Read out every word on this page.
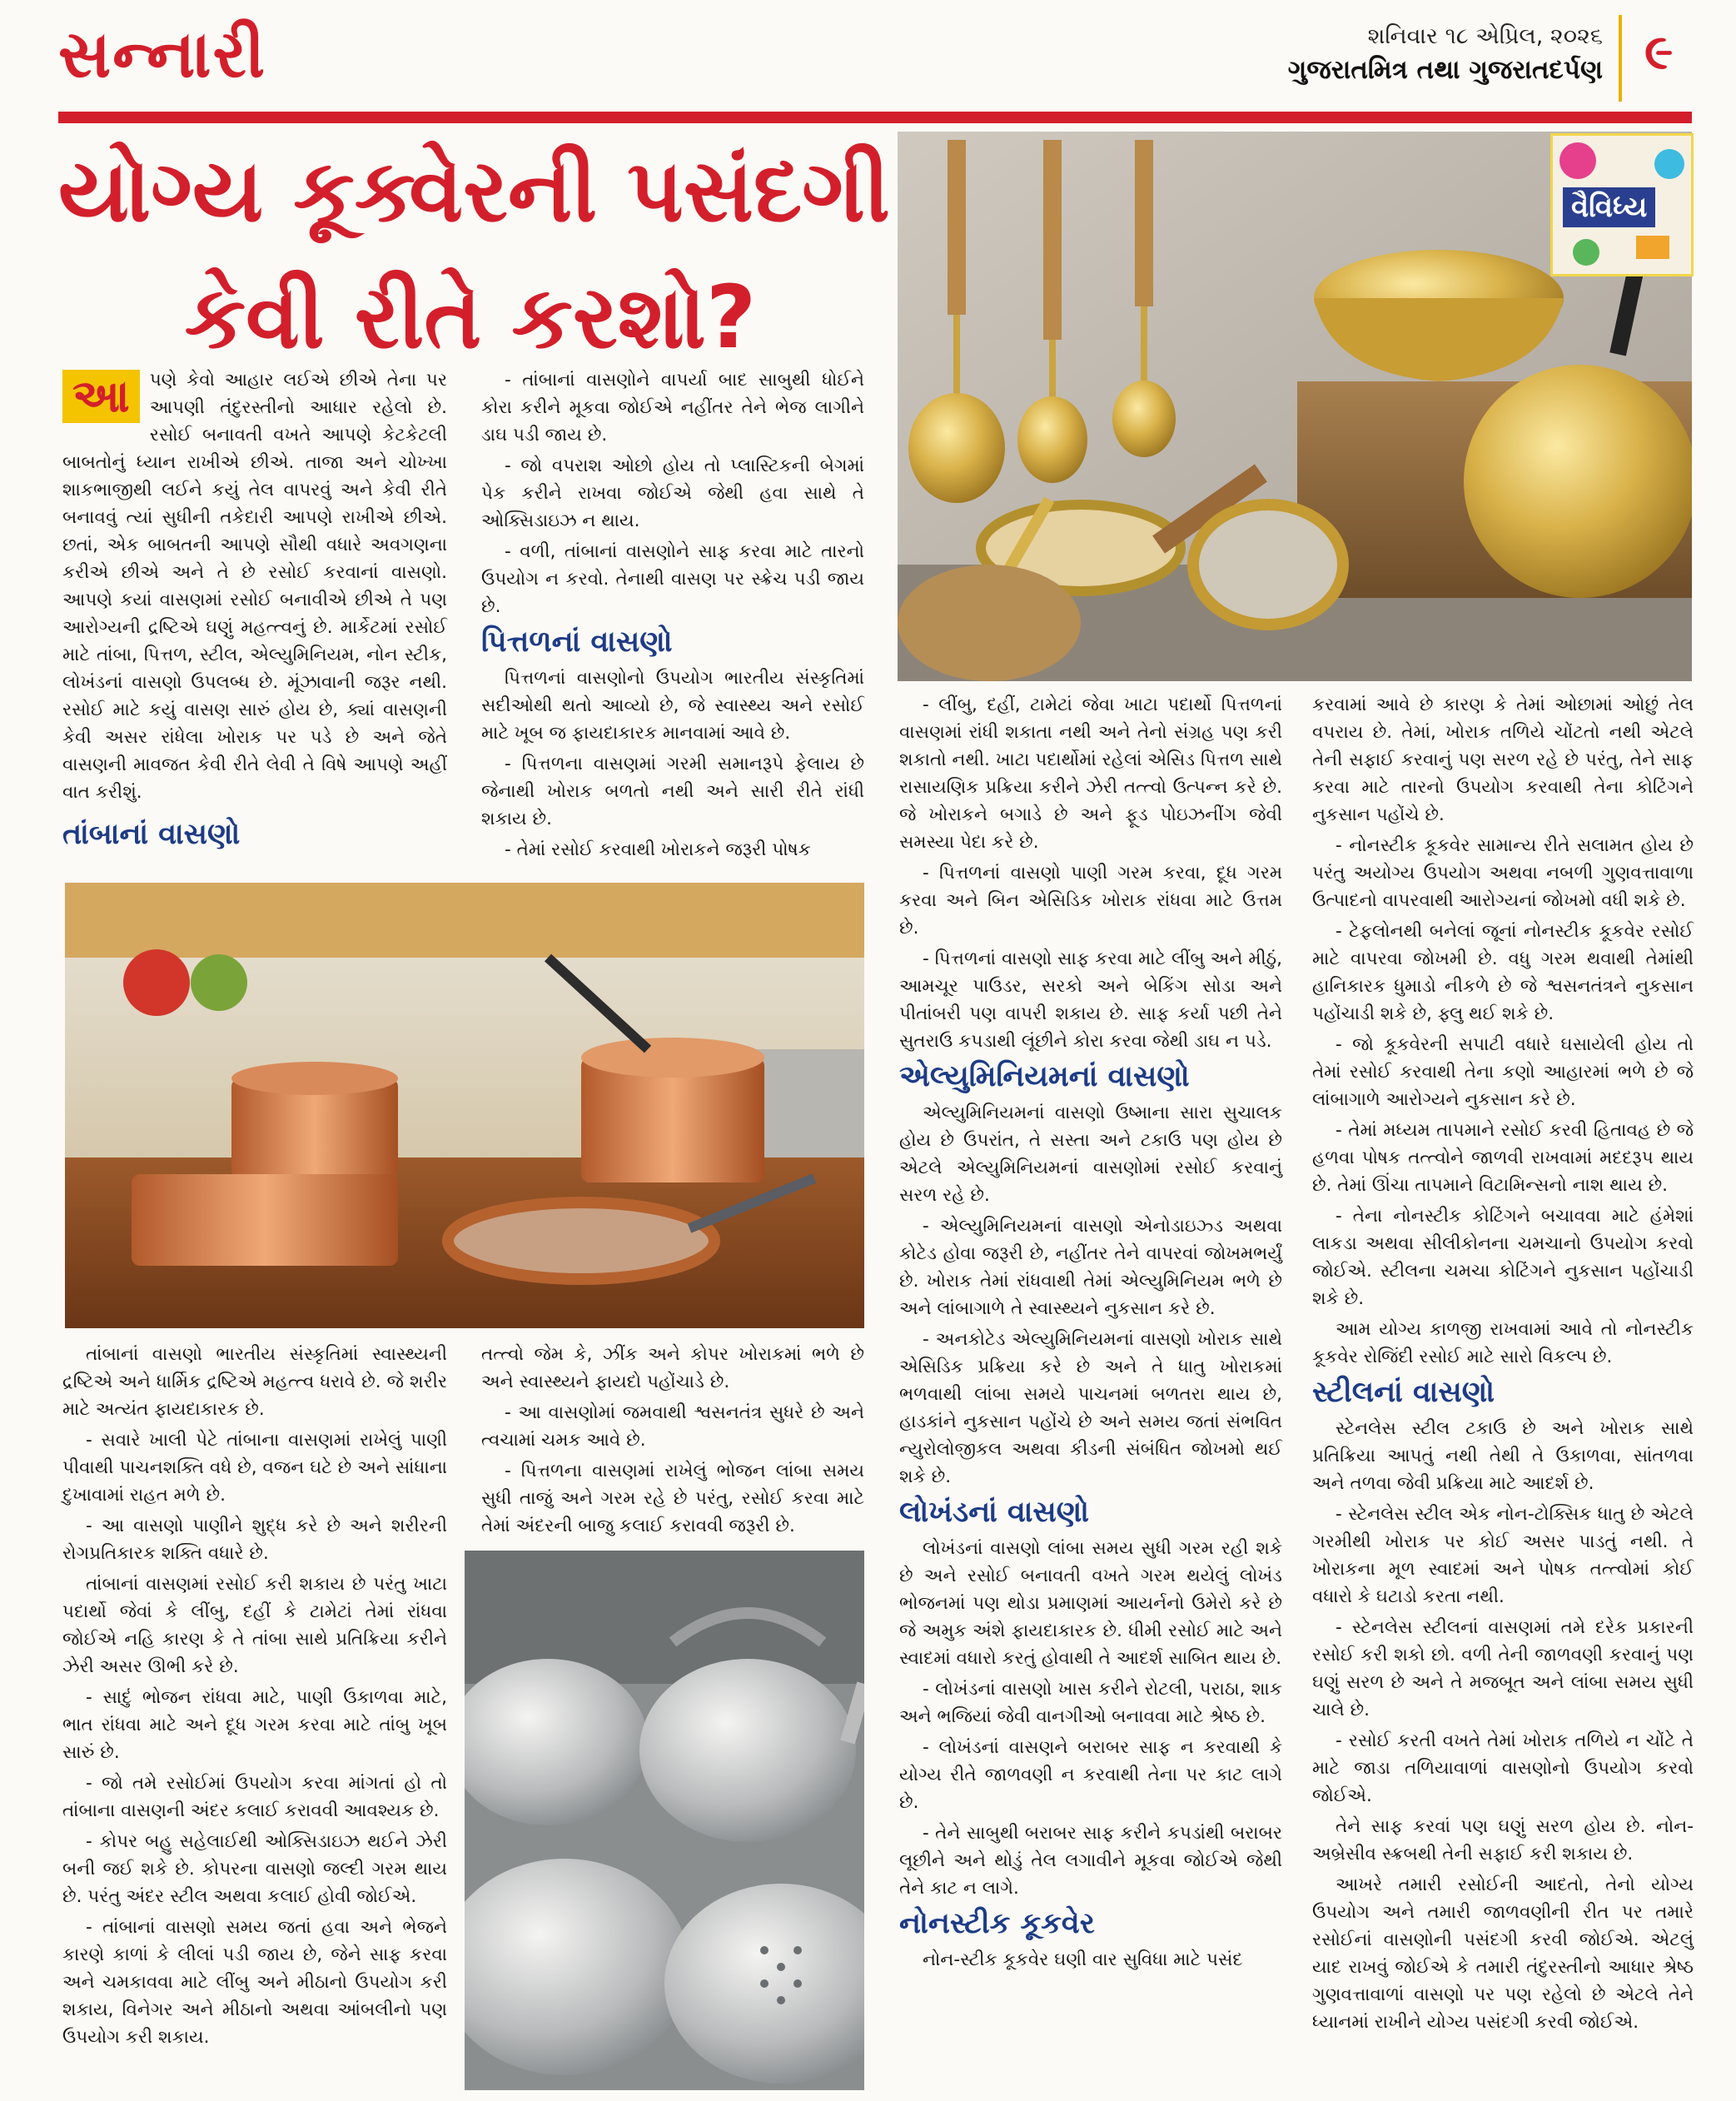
સન્નારી	શનિવાર ૧૮ એપ્રિલ, ૨૦૨૬
ગુજરાતમિત્ર તથા ગુજરાતદર્પણ ૯
યોગ્ય કૂક્વેરની પસંદગી
કેવી રીતે કરશો?
વૈવિધ્ય
આ	પણે કેવો આહાર લઈએ છીએ તેના પર આપણી તંદુરસ્તીનો આધાર રહેલો છે. રસોઈ બનાવતી વખતે આપણે કેટકેટલી બાબતોનું ધ્યાન રાખીએ છીએ. તાજા અને ચોખ્ખા શાકભાજીથી લઈને કયું તેલ વાપરવું અને કેવી રીતે બનાવવું ત્યાં સુધીની તકેદારી આપણે રાખીએ છીએ. છતાં, એક બાબતની આપણે સૌથી વધારે અવગણના કરીએ છીએ અને તે છે રસોઈ કરવાનાં વાસણો. આપણે કયાં વાસણમાં રસોઈ બનાવીએ છીએ તે પણ આરોગ્યની દ્રષ્ટિએ ઘણું મહત્ત્વનું છે. માર્કેટમાં રસોઈ માટે તાંબા, પિત્તળ, સ્ટીલ, એલ્યુમિનિયમ, નોન સ્ટીક, લોખંડનાં વાસણો ઉપલબ્ધ છે. મૂંઝાવાની જરૂર નથી. રસોઈ માટે કયું વાસણ સારું હોય છે, ક્યાં વાસણની કેવી અસર રાંધેલા ખોરાક પર પડે છે અને જેતે વાસણની માવજત કેવી રીતે લેવી તે વિષે આપણે અહીં વાત કરીશું.
તાંબાનાં વાસણો

- તાંબાનાં વાસણોને વાપર્યા બાદ સાબુથી ધોઈને કોરા કરીને મૂકવા જોઈએ નહીંતર તેને ભેજ લાગીને ડાઘ પડી જાય છે.

- જો વપરાશ ઓછો હોય તો પ્લાસ્ટિકની બેગમાં પેક કરીને રાખવા જોઈએ જેથી હવા સાથે તે ઓક્સિડાઇઝ ન થાય.

- વળી, તાંબાનાં વાસણોને સાફ કરવા માટે તારનો ઉપયોગ ન કરવો. તેનાથી વાસણ પર સ્ક્રેચ પડી જાય છે.

પિત્તળનાં વાસણો

પિત્તળનાં વાસણોનો ઉપયોગ ભારતીય સંસ્કૃતિમાં સદીઓથી થતો આવ્યો છે, જે સ્વાસ્થ્ય અને રસોઈ માટે ખૂબ જ ફાયદાકારક માનવામાં આવે છે.

- પિત્તળના વાસણમાં ગરમી સમાનરૂપે ફેલાય છે જેનાથી ખોરાક બળતો નથી અને સારી રીતે રાંધી શકાય છે.

- તેમાં રસોઈ કરવાથી ખોરાકને જરૂરી પોષક

તાંબાનાં વાસણો ભારતીય સંસ્કૃતિમાં સ્વાસ્થ્યની દ્રષ્ટિએ અને ધાર્મિક દ્રષ્ટિએ મહત્ત્વ ધરાવે છે. જે શરીર માટે અત્યંત ફાયદાકારક છે.

- સવારે ખાલી પેટે તાંબાના વાસણમાં રાખેલું પાણી પીવાથી પાચનશક્તિ વધે છે, વજન ઘટે છે અને સાંધાના દુખાવામાં રાહત મળે છે.

- આ વાસણો પાણીને શુદ્ધ કરે છે અને શરીરની રોગપ્રતિકારક શક્તિ વધારે છે.

તાંબાનાં વાસણમાં રસોઈ કરી શકાય છે પરંતુ ખાટા પદાર્થો જેવાં કે લીંબુ, દહીં કે ટામેટાં તેમાં રાંધવા જોઈએ નહિ કારણ કે તે તાંબા સાથે પ્રતિક્રિયા કરીને ઝેરી અસર ઊભી કરે છે.

- સાદું ભોજન રાંધવા માટે, પાણી ઉકાળવા માટે, ભાત રાંધવા માટે અને દૂધ ગરમ કરવા માટે તાંબુ ખૂબ સારું છે.

- જો તમે રસોઈમાં ઉપયોગ કરવા માંગતાં હો તો તાંબાના વાસણની અંદર કલાઈ કરાવવી આવશ્યક છે.

- કોપર બહુ સહેલાઈથી ઓક્સિડાઇઝ થઈને ઝેરી બની જઈ શકે છે. કોપરના વાસણો જલ્દી ગરમ થાય છે. પરંતુ અંદર સ્ટીલ અથવા કલાઈ હોવી જોઈએ.

- તાંબાનાં વાસણો સમય જતાં હવા અને ભેજને કારણે કાળાં કે લીલાં પડી જાય છે, જેને સાફ કરવા અને ચમકાવવા માટે લીંબુ અને મીઠાનો ઉપયોગ કરી શકાય, વિનેગર અને મીઠાનો અથવા આંબલીનો પણ ઉપયોગ કરી શકાય.

તત્ત્વો જેમ કે, ઝીંક અને કોપર ખોરાકમાં ભળે છે અને સ્વાસ્થ્યને ફાયદો પહોંચાડે છે.

- આ વાસણોમાં જમવાથી શ્વસનતંત્ર સુધરે છે અને ત્વચામાં ચમક આવે છે.

- પિત્તળના વાસણમાં રાખેલું ભોજન લાંબા સમય સુધી તાજું અને ગરમ રહે છે પરંતુ, રસોઈ કરવા માટે તેમાં અંદરની બાજુ કલાઈ કરાવવી જરૂરી છે.

- લીંબુ, દહીં, ટામેટાં જેવા ખાટા પદાર્થો પિત્તળનાં વાસણમાં રાંધી શકાતા નથી અને તેનો સંગ્રહ પણ કરી શકાતો નથી. ખાટા પદાર્થોમાં રહેલાં એસિડ પિત્તળ સાથે રાસાયણિક પ્રક્રિયા કરીને ઝેરી તત્ત્વો ઉત્પન્ન કરે છે. જે ખોરાકને બગાડે છે અને ફૂડ પોઇઝનીંગ જેવી સમસ્યા પેદા કરે છે.

- પિત્તળનાં વાસણો પાણી ગરમ કરવા, દૂધ ગરમ કરવા અને બિન એસિડિક ખોરાક રાંધવા માટે ઉત્તમ છે.

- પિત્તળનાં વાસણો સાફ કરવા માટે લીંબુ અને મીઠું, આમચૂર પાઉડર, સરકો અને બેકિંગ સોડા અને પીતાંબરી પણ વાપરી શકાય છે. સાફ કર્યા પછી તેને સુતરાઉ કપડાથી લૂંછીને કોરા કરવા જેથી ડાઘ ન પડે.

એલ્યુમિનિયમનાં વાસણો

એલ્યુમિનિયમનાં વાસણો ઉષ્માના સારા સુચાલક હોય છે ઉપરાંત, તે સસ્તા અને ટકાઉ પણ હોય છે એટલે એલ્યુમિનિયમનાં વાસણોમાં રસોઈ કરવાનું સરળ રહે છે.

- એલ્યુમિનિયમનાં વાસણો એનોડાઇઝ્ડ અથવા કોટેડ હોવા જરૂરી છે, નહીંતર તેને વાપરવાં જોખમભર્યું છે. ખોરાક તેમાં રાંધવાથી તેમાં એલ્યુમિનિયમ ભળે છે અને લાંબાગાળે તે સ્વાસ્થ્યને નુકસાન કરે છે.

- અનકોટેડ એલ્યુમિનિયમનાં વાસણો ખોરાક સાથે એસિડિક પ્રક્રિયા કરે છે અને તે ધાતુ ખોરાકમાં ભળવાથી લાંબા સમયે પાચનમાં બળતરા થાય છે, હાડકાંને નુકસાન પહોંચે છે અને સમય જતાં સંભવિત ન્યુરોલોજીકલ અથવા કીડની સંબંધિત જોખમો થઈ શકે છે.

લોખંડનાં વાસણો

લોખંડનાં વાસણો લાંબા સમય સુધી ગરમ રહી શકે છે અને રસોઈ બનાવતી વખતે ગરમ થયેલું લોખંડ ભોજનમાં પણ થોડા પ્રમાણમાં આયર્નનો ઉમેરો કરે છે જે અમુક અંશે ફાયદાકારક છે. ધીમી રસોઈ માટે અને સ્વાદમાં વધારો કરતું હોવાથી તે આદર્શ સાબિત થાય છે.

- લોખંડનાં વાસણો ખાસ કરીને રોટલી, પરાઠા, શાક અને ભજિયાં જેવી વાનગીઓ બનાવવા માટે શ્રેષ્ઠ છે.

- લોખંડનાં વાસણને બરાબર સાફ ન કરવાથી કે યોગ્ય રીતે જાળવણી ન કરવાથી તેના પર કાટ લાગે છે.

- તેને સાબુથી બરાબર સાફ કરીને કપડાંથી બરાબર લૂછીને અને થોડું તેલ લગાવીને મૂકવા જોઈએ જેથી તેને કાટ ન લાગે.

નોનસ્ટીક કૂકવેર

નોન-સ્ટીક કૂકવેર ઘણી વાર સુવિધા માટે પસંદ

કરવામાં આવે છે કારણ કે તેમાં ઓછામાં ઓછું તેલ વપરાય છે. તેમાં, ખોરાક તળિયે ચોંટતો નથી એટલે તેની સફાઈ કરવાનું પણ સરળ રહે છે પરંતુ, તેને સાફ કરવા માટે તારનો ઉપયોગ કરવાથી તેના કોટિંગને નુકસાન પહોંચે છે.

- નોનસ્ટીક કૂકવેર સામાન્ય રીતે સલામત હોય છે પરંતુ અયોગ્ય ઉપયોગ અથવા નબળી ગુણવત્તાવાળા ઉત્પાદનો વાપરવાથી આરોગ્યનાં જોખમો વધી શકે છે.

- ટેફલોનથી બનેલાં જૂનાં નોનસ્ટીક કૂકવેર રસોઈ માટે વાપરવા જોખમી છે. વધુ ગરમ થવાથી તેમાંથી હાનિકારક ધુમાડો નીકળે છે જે શ્વસનતંત્રને નુકસાન પહોંચાડી શકે છે, ફ્લુ થઈ શકે છે.

- જો કૂકવેરની સપાટી વધારે ઘસાયેલી હોય તો તેમાં રસોઈ કરવાથી તેના કણો આહારમાં ભળે છે જે લાંબાગાળે આરોગ્યને નુકસાન કરે છે.

- તેમાં મધ્યમ તાપમાને રસોઈ કરવી હિતાવહ છે જે હળવા પોષક તત્ત્વોને જાળવી રાખવામાં મદદરૂપ થાય છે. તેમાં ઊંચા તાપમાને વિટામિન્સનો નાશ થાય છે.

- તેના નોનસ્ટીક કોટિંગને બચાવવા માટે હંમેશાં લાકડા અથવા સીલીકોનના ચમચાનો ઉપયોગ કરવો જોઈએ. સ્ટીલના ચમચા કોટિંગને નુકસાન પહોંચાડી શકે છે.

આમ યોગ્ય કાળજી રાખવામાં આવે તો નોનસ્ટીક કૂકવેર રોજિંદી રસોઈ માટે સારો વિકલ્પ છે.

સ્ટીલનાં વાસણો

સ્ટેનલેસ સ્ટીલ ટકાઉ છે અને ખોરાક સાથે પ્રતિક્રિયા આપતું નથી તેથી તે ઉકાળવા, સાંતળવા અને તળવા જેવી પ્રક્રિયા માટે આદર્શ છે.

- સ્ટેનલેસ સ્ટીલ એક નોન-ટોક્સિક ધાતુ છે એટલે ગરમીથી ખોરાક પર કોઈ અસર પાડતું નથી. તે ખોરાકના મૂળ સ્વાદમાં અને પોષક તત્ત્વોમાં કોઈ વધારો કે ઘટાડો કરતા નથી.

- સ્ટેનલેસ સ્ટીલનાં વાસણમાં તમે દરેક પ્રકારની રસોઈ કરી શકો છો. વળી તેની જાળવણી કરવાનું પણ ઘણું સરળ છે અને તે મજબૂત અને લાંબા સમય સુધી ચાલે છે.

- રસોઈ કરતી વખતે તેમાં ખોરાક તળિયે ન ચોંટે તે માટે જાડા તળિયાવાળાં વાસણોનો ઉપયોગ કરવો જોઈએ.

તેને સાફ કરવાં પણ ઘણું સરળ હોય છે. નોન-અબ્રેસીવ સ્ક્રબથી તેની સફાઈ કરી શકાય છે.

આખરે તમારી રસોઈની આદતો, તેનો યોગ્ય ઉપયોગ અને તમારી જાળવણીની રીત પર તમારે રસોઈનાં વાસણોની પસંદગી કરવી જોઈએ. એટલું યાદ રાખવું જોઈએ કે તમારી તંદુરસ્તીનો આધાર શ્રેષ્ઠ ગુણવત્તાવાળાં વાસણો પર પણ રહેલો છે એટલે તેને ધ્યાનમાં રાખીને યોગ્ય પસંદગી કરવી જોઈએ.
